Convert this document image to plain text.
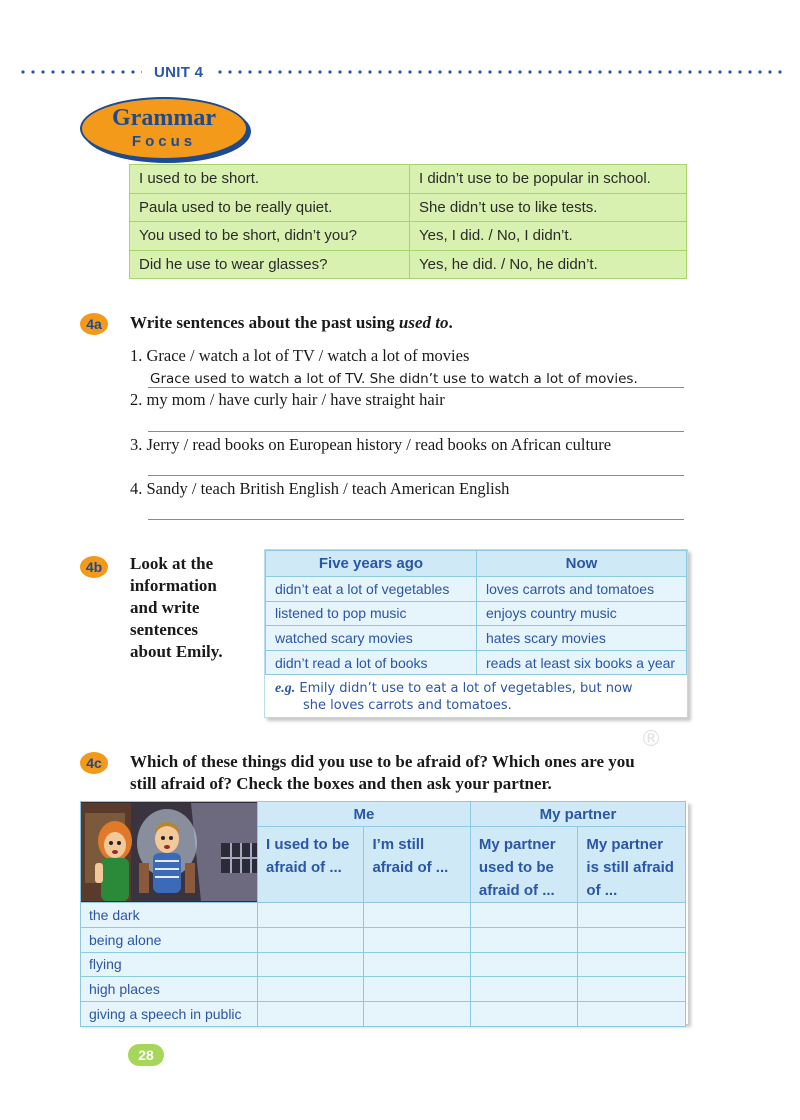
UNIT 4
Grammar
Focus
I used to be short.	I didn’t use to be popular in school.
Paula used to be really quiet.	She didn’t use to like tests.
You used to be short, didn’t you?	Yes, I did. / No, I didn’t.
Did he use to wear glasses?	Yes, he did. / No, he didn’t.
4a	Write sentences about the past using used to.
1. Grace / watch a lot of TV / watch a lot of movies
Grace used to watch a lot of TV. She didn’t use to watch a lot of movies.
2. my mom / have curly hair / have straight hair
3. Jerry / read books on European history / read books on African culture
4. Sandy / teach British English / teach American English
4b	Look at the
information
and write
sentences
about Emily.
Five years ago	Now
didn’t eat a lot of vegetables	loves carrots and tomatoes
listened to pop music	enjoys country music
watched scary movies	hates scary movies
didn’t read a lot of books	reads at least six books a year
e.g. Emily didn’t use to eat a lot of vegetables, but now
she loves carrots and tomatoes.
®
4c	Which of these things did you use to be afraid of? Which ones are you
still afraid of? Check the boxes and then ask your partner.
	Me		My partner	
	I used to be afraid of ...	I’m still afraid of ...	My partner used to be afraid of ...	My partner is still afraid of ...
the dark				
being alone				
flying				
high places				
giving a speech in public				
28
